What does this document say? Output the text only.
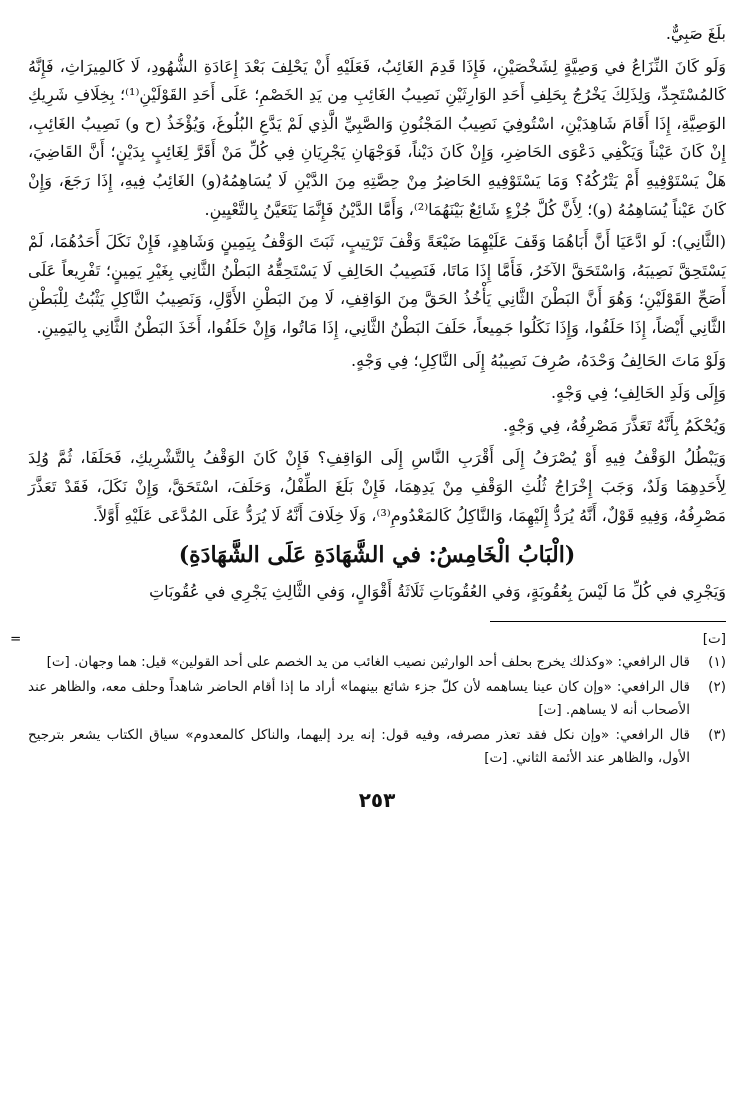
بلَغَ صَبِيٌّ.

وَلَو كَانَ النِّزَاعُ في وَصِيَّةٍ لِشَخْصَيْنِ، فَإِذَا قَدِمَ الغَائِبُ، فَعَلَيْهِ أَنْ يَحْلِفَ بَعْدَ إِعَادَةِ الشُّهُودِ، لَا كَالمِيرَاثِ، فَإِنَّهُ كَالمُسْتَجِدِّ، وَلِذَلِكَ يَخْرُجُ بِحَلِفِ أَحَدِ الوَارِثَيْنِ نَصِيبُ الغَائِبِ مِن يَدِ الخَصْمِ؛ عَلَى أَحَدِ القَوْلَيْنِ⁽¹⁾؛ بِخِلَافِ شَرِيكِ الوَصِيَّةِ، إِذَا أَقَامَ شَاهِدَيْنِ، اسْتُوفِيَ نَصِيبُ المَجْنُونِ وَالصَّبِيِّ الَّذِي لَمْ يَدَّعِ البُلُوغَ، وَيُؤْخَذُ (ح و) نَصِيبُ الغَائِبِ، إِنْ كَانَ عَيْناً وَيَكْفِي دَعْوَى الحَاضِرِ، وَإِنْ كَانَ دَيْناً، فَوَجْهَانِ يَجْرِيَانِ فِي كُلِّ مَنْ أَقَرَّ لِغَائِبٍ بِدَيْنٍ؛ أَنَّ القَاضِيَ، هَلْ يَسْتَوْفِيهِ أَمْ يَتْرُكُهُ؟ وَمَا يَسْتَوْفِيهِ الحَاضِرُ مِنْ حِصَّتِهِ مِنَ الدَّيْنِ لَا يُسَاهِمُهُ(و) الغَائِبُ فِيهِ، إِذَا رَجَعَ، وَإِنْ كَانَ عَيْناً يُسَاهِمُهُ (و)؛ لِأَنَّ كُلَّ جُزْءٍ شَائِعٌ بَيْنَهُمَا⁽²⁾، وَأَمَّا الدَّيْنُ فَإِنَّمَا يَتَعَيَّنُ بِالتَّعْيِينِ.

(الثَّانِي): لَو ادَّعَيَا أَنَّ أَبَاهُمَا وَقَفَ عَلَيْهِمَا ضَيْعَةً وَقْفَ تَرْتِيبٍ، ثَبَتَ الوَقْفُ بِيَمِينٍ وَشَاهِدٍ، فَإِنْ نَكَلَ أَحَدُهُمَا، لَمْ يَسْتَحِقَّ نَصِيبَهُ، وَاسْتَحَقَّ الآخَرُ، فَأَمَّا إِذَا مَاتَا، فَنَصِيبُ الحَالِفِ لَا يَسْتَحِقُّهُ البَطْنُ الثَّانِي بِغَيْرِ يَمِينٍ؛ تَفْرِيعاً عَلَى أَصَحِّ القَوْلَيْنِ؛ وَهُوَ أَنَّ البَطْنَ الثَّانِي يَأْخُذُ الحَقَّ مِنَ الوَاقِفِ، لَا مِنَ البَطْنِ الأَوَّلِ، وَنَصِيبُ النَّاكِلِ يَثْبُتُ لِلْبَطْنِ الثَّانِي أَيْضاً، إِذَا حَلَفُوا، وَإِذَا نَكَلُوا جَمِيعاً، حَلَفَ البَطْنُ الثَّانِي، إِذَا مَاتُوا، وَإِنْ حَلَفُوا، أَخَذَ البَطْنُ الثَّانِي بِاليَمِينِ.

وَلَوْ مَاتَ الحَالِفُ وَحْدَهُ، صُرِفَ نَصِيبُهُ إِلَى النَّاكِلِ؛ فِي وَجْهٍ.

وَإِلَى وَلَدِ الحَالِفِ؛ فِي وَجْهٍ.

وَيُحْكَمُ بِأَنَّهُ تَعَذَّرَ مَصْرِفُهُ، فِي وَجْهٍ.

وَيَبْطُلُ الوَقْفُ فِيهِ أَوْ يُصْرَفُ إِلَى أَقْرَبِ النَّاسِ إِلَى الوَاقِفِ؟ فَإِنْ كَانَ الوَقْفُ بِالتَّشْرِيكِ، فَحَلَفَا، ثُمَّ وُلِدَ لِأَحَدِهِمَا وَلَدٌ، وَجَبَ إِخْرَاجُ ثُلُثِ الوَقْفِ مِنْ يَدِهِمَا، فَإِنْ بَلَغَ الطِّفْلُ، وَحَلَفَ، اسْتَحَقَّ، وَإِنْ نَكَلَ، فَقَدْ تَعَذَّرَ مَصْرِفُهُ، وَفِيهِ قَوْلٌ، أَنَّهُ يُرَدُّ إِلَيْهِمَا، وَالنَّاكِلُ كَالمَعْدُومِ⁽³⁾، وَلَا خِلَافَ أَنَّهُ لَا يُرَدُّ عَلَى المُدَّعَى عَلَيْهِ أَوَّلاً.

(الْبَابُ الْخَامِسُ: في الشَّهَادَةِ عَلَى الشَّهَادَةِ)

وَيَجْرِي في كُلِّ مَا لَيْسَ بِعُقُوبَةٍ، وَفي العُقُوبَاتِ ثَلَاثَةُ أَقْوَالٍ، وَفي الثَّالِثِ يَجْرِي في عُقُوبَاتِ

=	[ت]
(١)
قال الرافعي: «وكذلك يخرج بحلف أحد الوارثين نصيب الغائب من يد الخصم على أحد القولين» قيل: هما وجهان. [ت]
(٢)
قال الرافعي: «وإن كان عينا يساهمه لأن كلّ جزء شائع بينهما» أراد ما إذا أقام الحاضر شاهداً وحلف معه، والظاهر عند الأصحاب أنه لا يساهم. [ت]
(٣)
قال الرافعي: «وإن نكل فقد تعذر مصرفه، وفيه قول: إنه يرد إليهما، والناكل كالمعدوم» سياق الكتاب يشعر بترجيح الأول، والظاهر عند الأئمة الثاني. [ت]
٢٥٣
